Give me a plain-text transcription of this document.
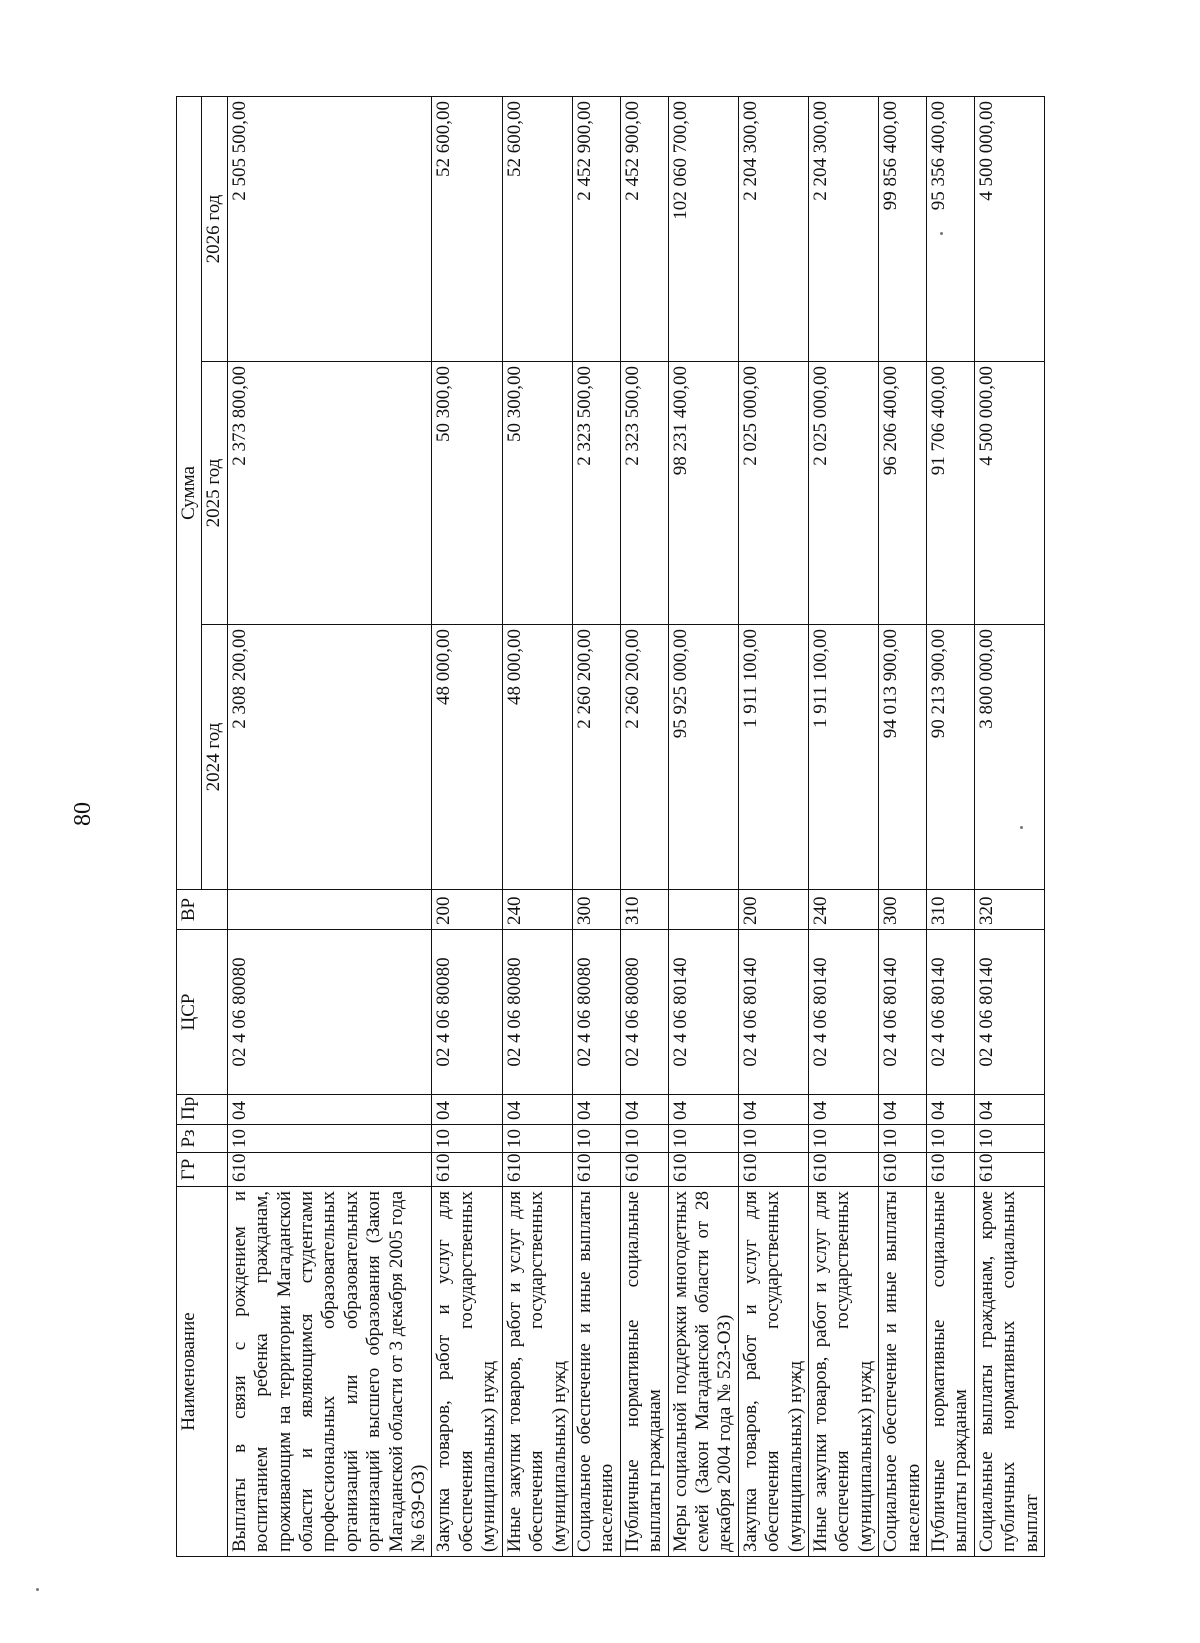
80
Наименование	ГР	Рз	Пр	ЦСР	ВР	Сумма		
						2024 год	2025 год	2026 год
Выплаты в связи с рождением и воспитанием ребенка гражданам, проживающим на территории Магаданской области и являющимся студентами профессиональных образовательных организаций или образовательных организаций высшего образования (Закон Магаданской области от 3 декабря 2005 года № 639-ОЗ)	610	10	04	02 4 06 80080		2 308 200,00	2 373 800,00	2 505 500,00
Закупка товаров, работ и услуг для обеспечения государственных (муниципальных) нужд	610	10	04	02 4 06 80080	200	48 000,00	50 300,00	52 600,00
Иные закупки товаров, работ и услуг для обеспечения государственных (муниципальных) нужд	610	10	04	02 4 06 80080	240	48 000,00	50 300,00	52 600,00
Социальное обеспечение и иные выплаты населению	610	10	04	02 4 06 80080	300	2 260 200,00	2 323 500,00	2 452 900,00
Публичные нормативные социальные выплаты гражданам	610	10	04	02 4 06 80080	310	2 260 200,00	2 323 500,00	2 452 900,00
Меры социальной поддержки многодетных семей (Закон Магаданской области от 28 декабря 2004 года № 523-ОЗ)	610	10	04	02 4 06 80140		95 925 000,00	98 231 400,00	102 060 700,00
Закупка товаров, работ и услуг для обеспечения государственных (муниципальных) нужд	610	10	04	02 4 06 80140	200	1 911 100,00	2 025 000,00	2 204 300,00
Иные закупки товаров, работ и услуг для обеспечения государственных (муниципальных) нужд	610	10	04	02 4 06 80140	240	1 911 100,00	2 025 000,00	2 204 300,00
Социальное обеспечение и иные выплаты населению	610	10	04	02 4 06 80140	300	94 013 900,00	96 206 400,00	99 856 400,00
Публичные нормативные социальные выплаты гражданам	610	10	04	02 4 06 80140	310	90 213 900,00	91 706 400,00	95 356 400,00
Социальные выплаты гражданам, кроме публичных нормативных социальных выплат	610	10	04	02 4 06 80140	320	3 800 000,00	4 500 000,00	4 500 000,00
